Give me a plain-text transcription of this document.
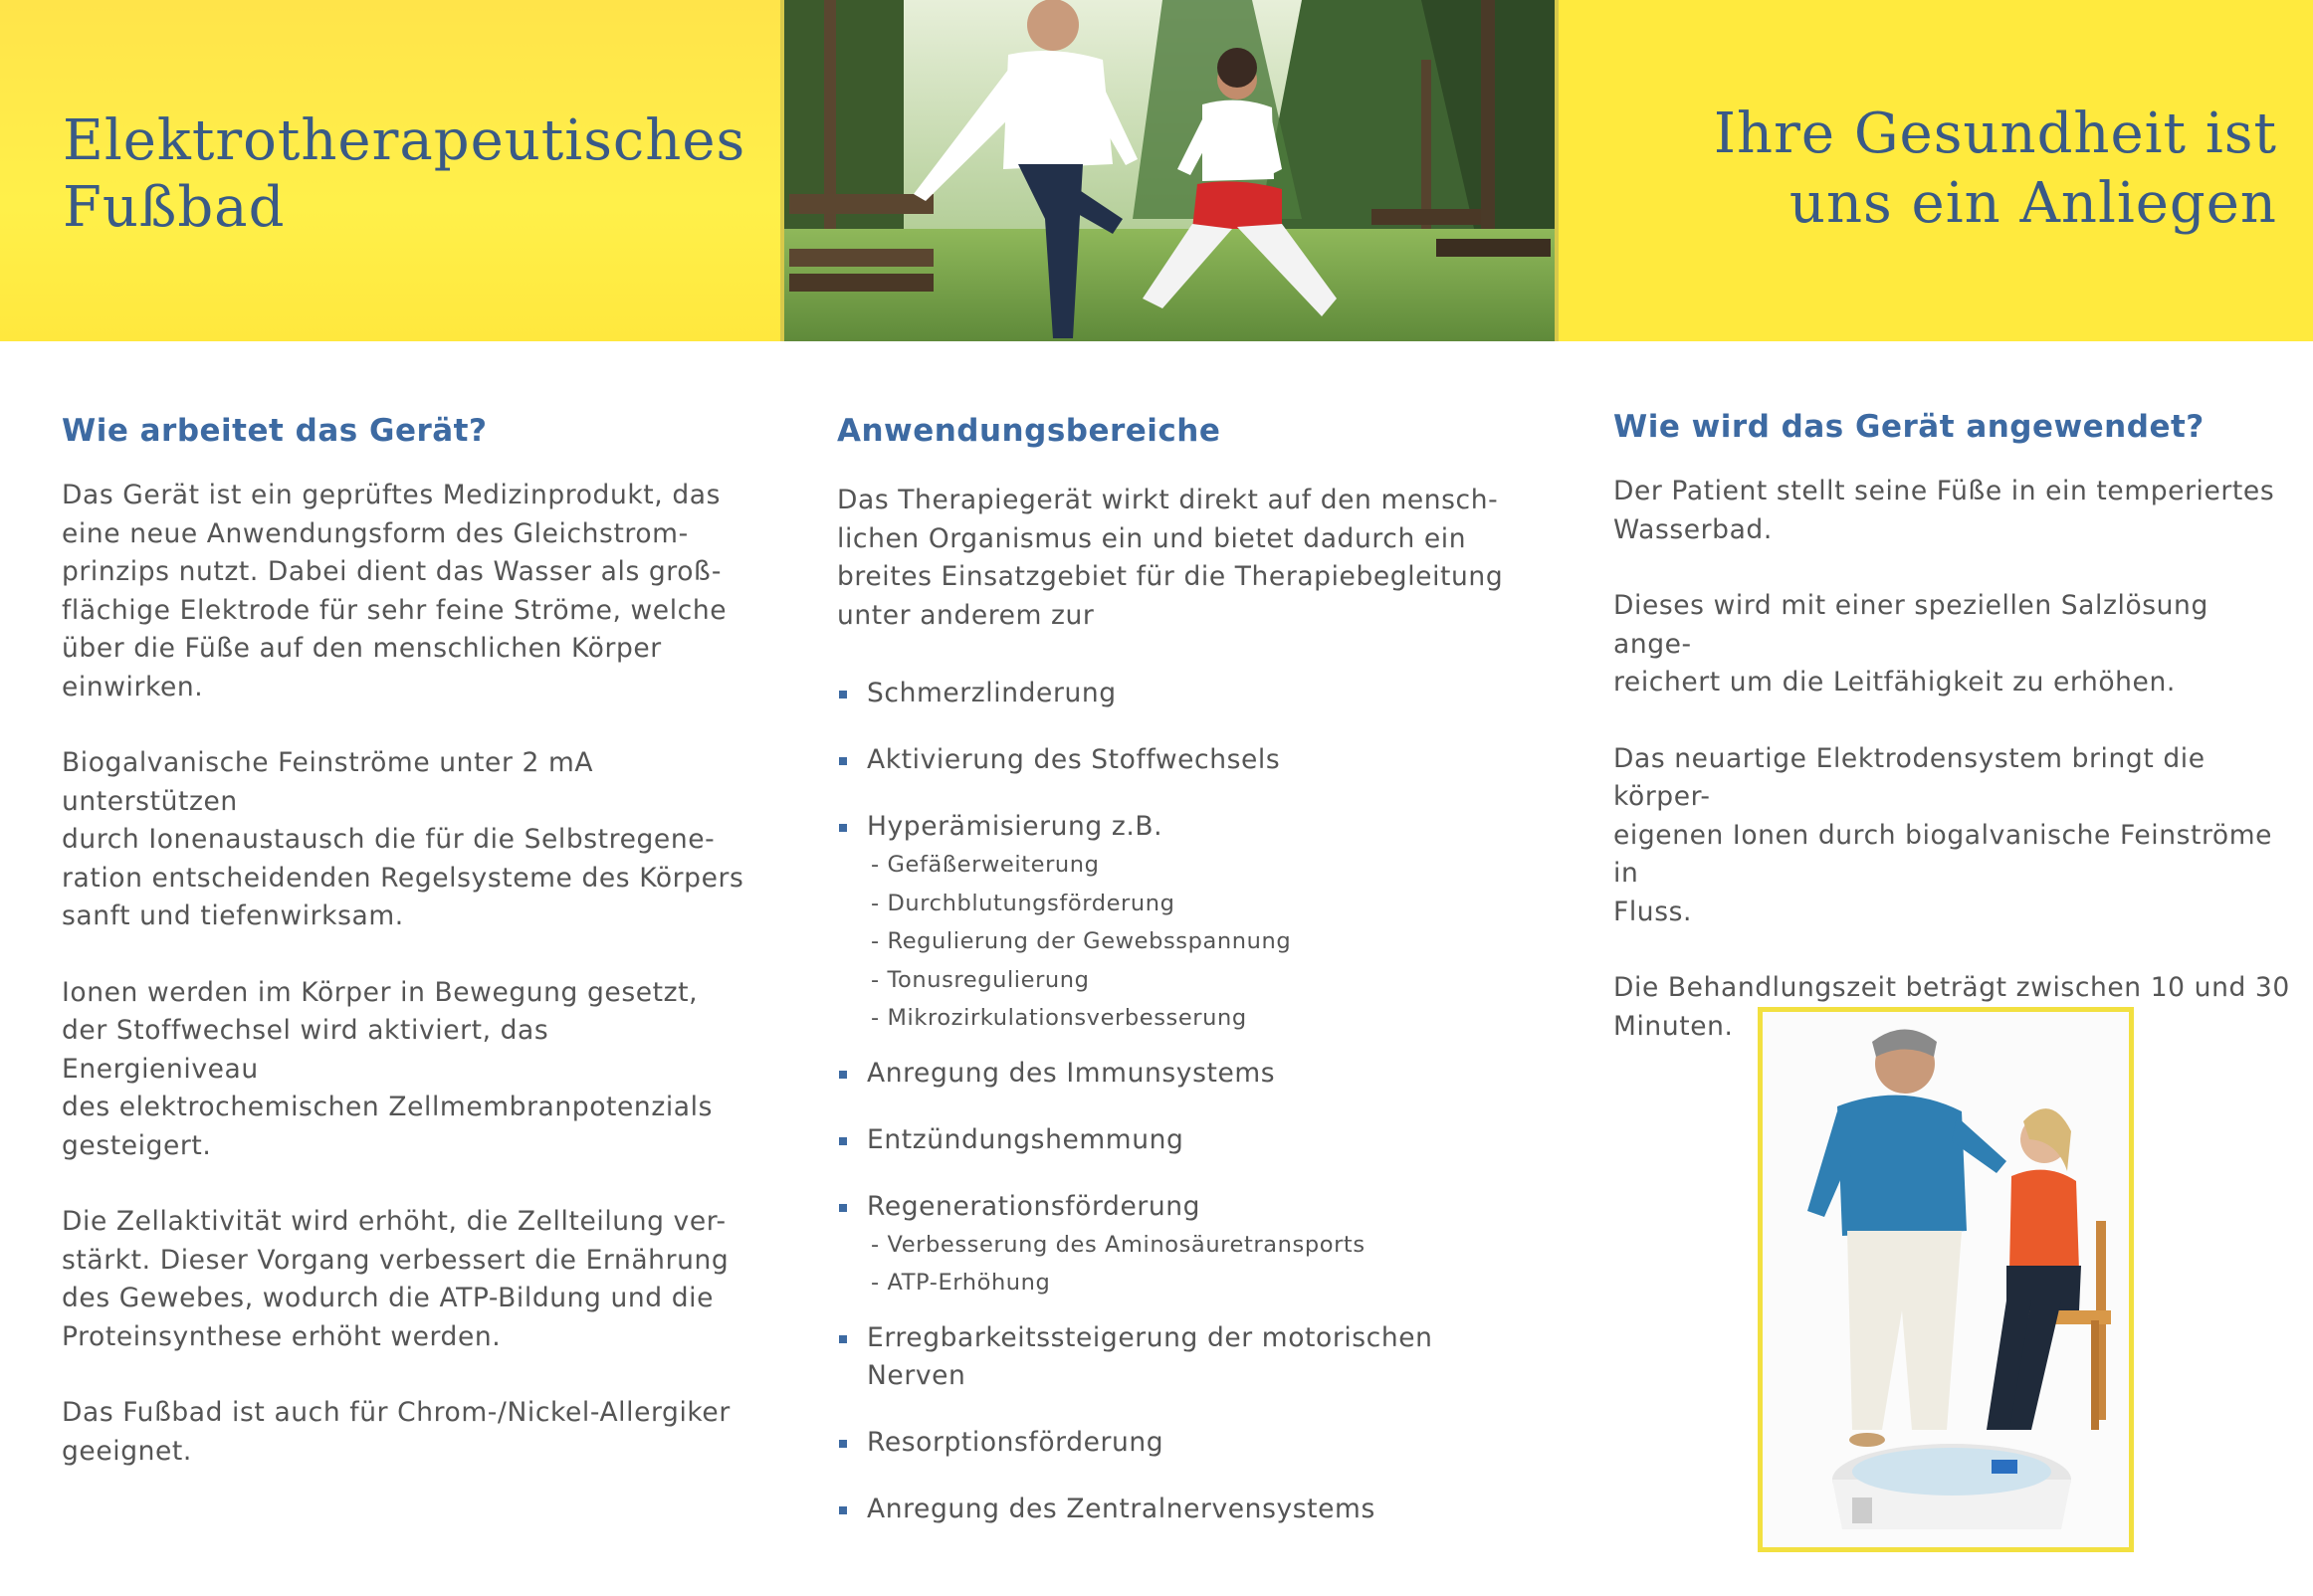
Elektrotherapeutisches
Fußbad
Ihre Gesundheit ist
uns ein Anliegen
Wie arbeitet das Gerät?

Das Gerät ist ein geprüftes Medizinprodukt, das
eine neue Anwendungsform des Gleichstrom-
prinzips nutzt. Dabei dient das Wasser als groß-
flächige Elektrode für sehr feine Ströme, welche
über die Füße auf den menschlichen Körper
einwirken.

Biogalvanische Feinströme unter 2 mA unterstützen
durch Ionenaustausch die für die Selbstregene-
ration entscheidenden Regelsysteme des Körpers
sanft und tiefenwirksam.

Ionen werden im Körper in Bewegung gesetzt,
der Stoffwechsel wird aktiviert, das Energieniveau
des elektrochemischen Zellmembranpotenzials
gesteigert.

Die Zellaktivität wird erhöht, die Zellteilung ver-
stärkt. Dieser Vorgang verbessert die Ernährung
des Gewebes, wodurch die ATP-Bildung und die
Proteinsynthese erhöht werden.

Das Fußbad ist auch für Chrom-/Nickel-Allergiker
geeignet.

Anwendungsbereiche

Das Therapiegerät wirkt direkt auf den mensch-
lichen Organismus ein und bietet dadurch ein
breites Einsatzgebiet für die Therapiebegleitung
unter anderem zur

Schmerzlinderung
Aktivierung des Stoffwechsels
Hyperämisierung z.B.
- Gefäßerweiterung
- Durchblutungsförderung
- Regulierung der Gewebsspannung
- Tonusregulierung
- Mikrozirkulationsverbesserung
Anregung des Immunsystems
Entzündungshemmung
Regenerationsförderung
- Verbesserung des Aminosäuretransports
- ATP-Erhöhung
Erregbarkeitssteigerung der motorischen
Nerven
Resorptionsförderung
Anregung des Zentralnervensystems
Wie wird das Gerät angewendet?

Der Patient stellt seine Füße in ein temperiertes
Wasserbad.

Dieses wird mit einer speziellen Salzlösung ange-
reichert um die Leitfähigkeit zu erhöhen.

Das neuartige Elektrodensystem bringt die körper-
eigenen Ionen durch biogalvanische Feinströme in
Fluss.

Die Behandlungszeit beträgt zwischen 10 und 30
Minuten.
